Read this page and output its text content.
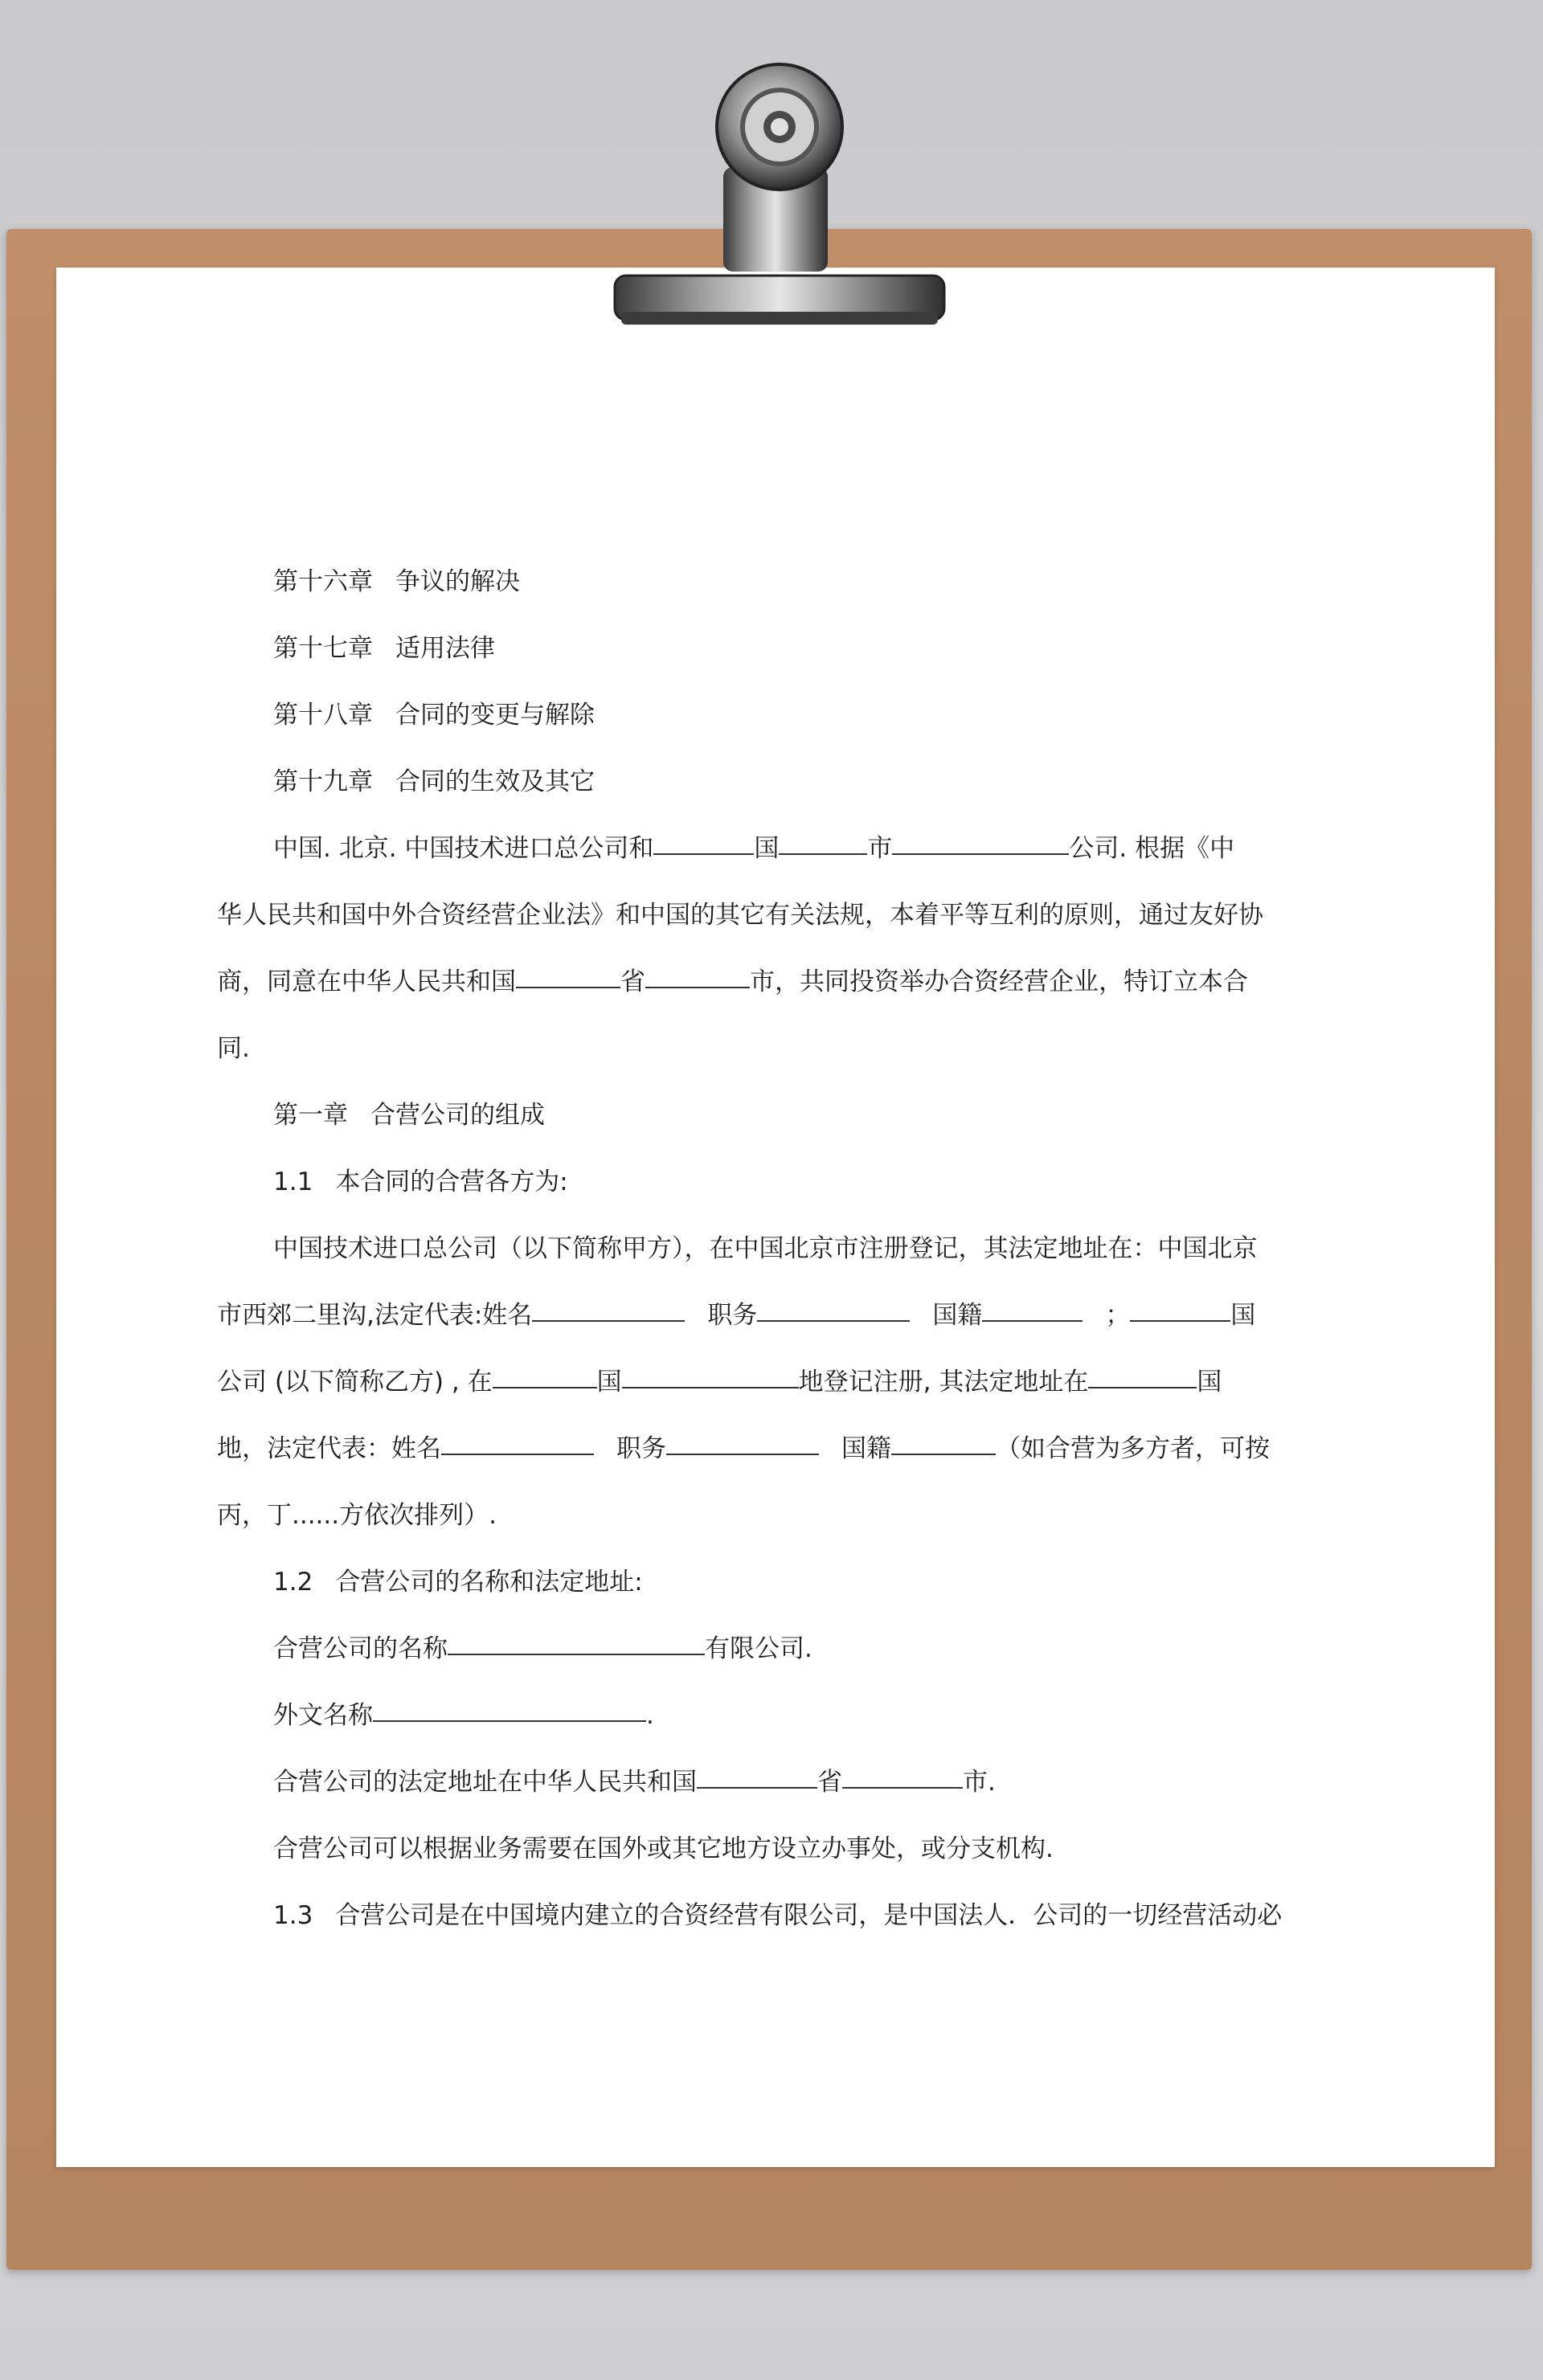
第十六章 争议的解决
第十七章 适用法律
第十八章 合同的变更与解除
第十九章 合同的生效及其它
中国. 北京. 中国技术进口总公司和	国	市	公司. 根据《中
华人民共和国中外合资经营企业法》和中国的其它有关法规，本着平等互利的原则，通过友好协
商，同意在中华人民共和国	省	市，共同投资举办合资经营企业，特订立本合
同.
第一章 合营公司的组成
1.1 本合同的合营各方为:
中国技术进口总公司（以下简称甲方），在中国北京市注册登记，其法定地址在：中国北京
市西郊二里沟,法定代表:姓名	职务	国籍	；	国
公司 (以下简称乙方) , 在	国	地登记注册, 其法定地址在	国
地，法定代表：姓名	职务	国籍	（如合营为多方者，可按
丙，丁......方依次排列）.
1.2 合营公司的名称和法定地址:
合营公司的名称	有限公司.
外文名称	.
合营公司的法定地址在中华人民共和国	省	市.
合营公司可以根据业务需要在国外或其它地方设立办事处，或分支机构.
1.3 合营公司是在中国境内建立的合资经营有限公司，是中国法人．公司的一切经营活动必
